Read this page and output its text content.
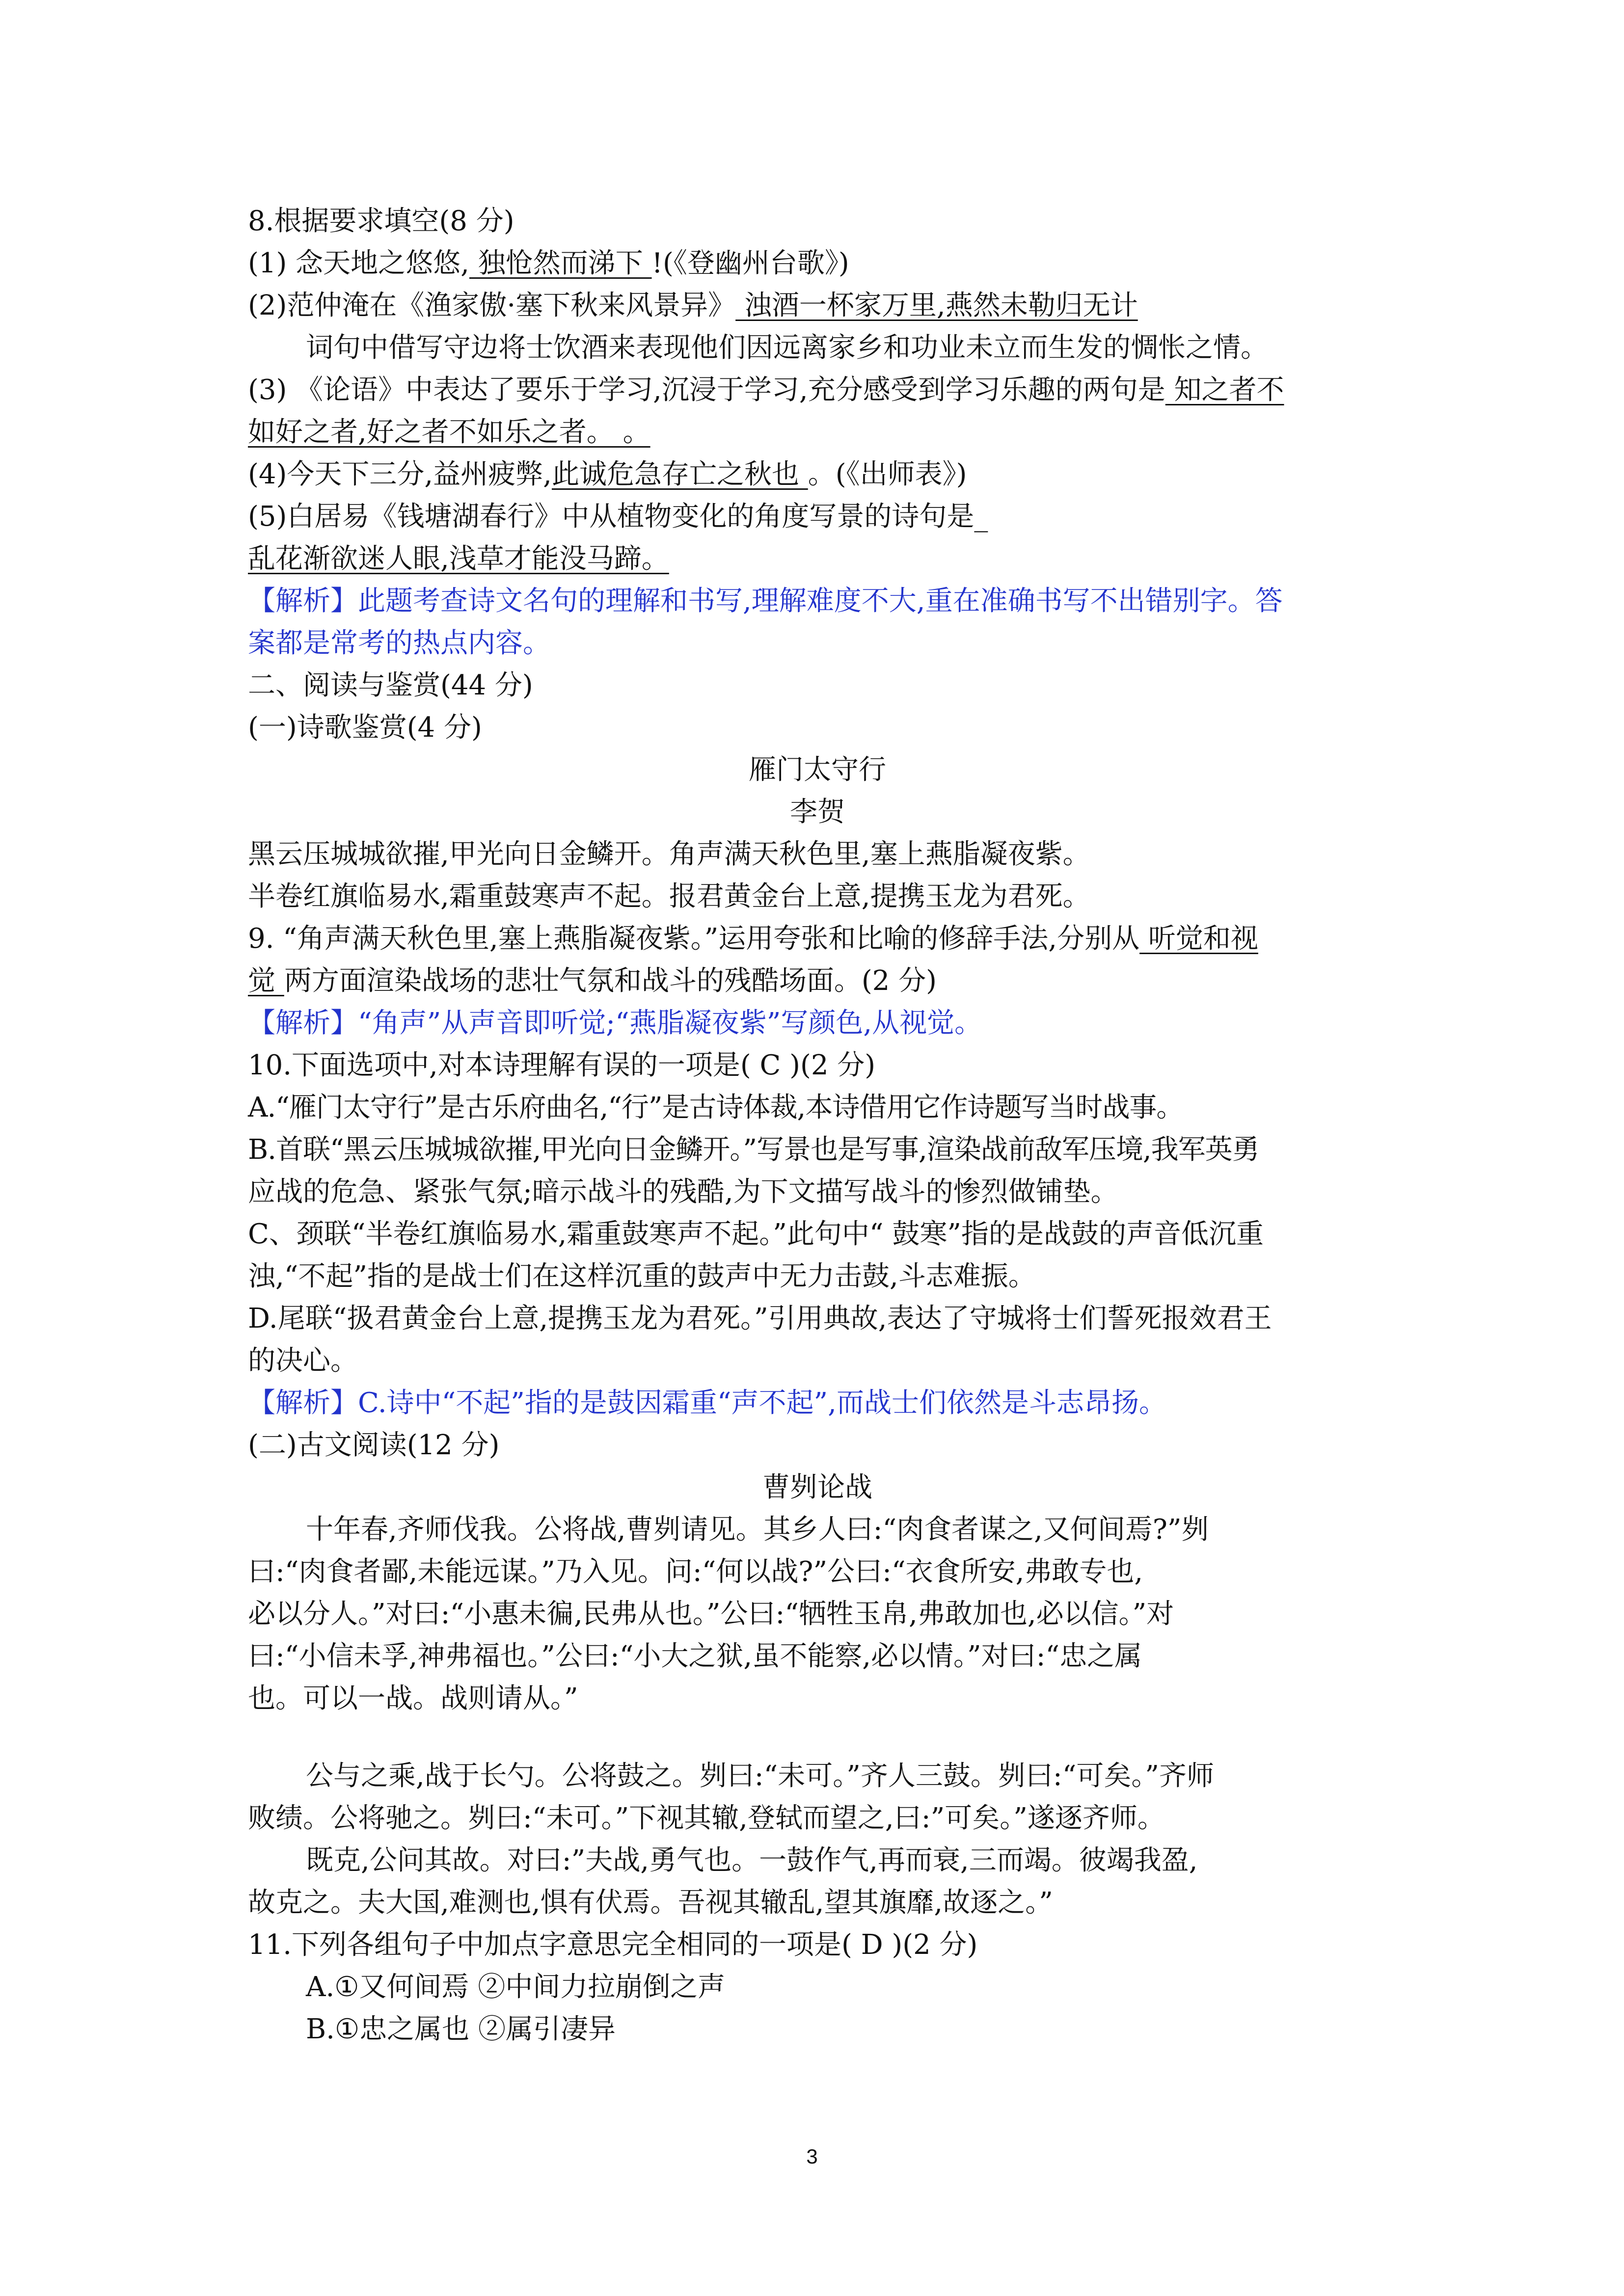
8.根据要求填空(8 分)
(1) 念天地之悠悠, 独怆然而涕下 !(《登幽州台歌》)
(2)范仲淹在《渔家傲·塞下秋来风景异》 浊酒一杯家万里,燕然未勒归无计
词句中借写守边将士饮酒来表现他们因远离家乡和功业未立而生发的惆怅之情。
(3) 《论语》中表达了要乐于学习,沉浸于学习,充分感受到学习乐趣的两句是 知之者不
如好之者,好之者不如乐之者。 。
(4)今天下三分,益州疲弊,此诚危急存亡之秋也 。(《出师表》)
(5)白居易《钱塘湖春行》中从植物变化的角度写景的诗句是_
乱花渐欲迷人眼,浅草才能没马蹄。
【解析】此题考查诗文名句的理解和书写,理解难度不大,重在准确书写不出错别字。答
案都是常考的热点内容。
二、阅读与鉴赏(44 分)
(一)诗歌鉴赏(4 分)
雁门太守行
李贺
黑云压城城欲摧,甲光向日金鳞开。角声满天秋色里,塞上燕脂凝夜紫。
半卷红旗临易水,霜重鼓寒声不起。报君黄金台上意,提携玉龙为君死。
9. “角声满天秋色里,塞上燕脂凝夜紫。”运用夸张和比喻的修辞手法,分别从 听觉和视
觉 两方面渲染战场的悲壮气氛和战斗的残酷场面。(2 分)
【解析】“角声”从声音即听觉;“燕脂凝夜紫”写颜色,从视觉。
10.下面选项中,对本诗理解有误的一项是( C )(2 分)
A.“雁门太守行”是古乐府曲名,“行”是古诗体裁,本诗借用它作诗题写当时战事。
B.首联“黑云压城城欲摧,甲光向日金鳞开。”写景也是写事,渲染战前敌军压境,我军英勇
应战的危急、紧张气氛;暗示战斗的残酷,为下文描写战斗的惨烈做铺垫。
C、颈联“半卷红旗临易水,霜重鼓寒声不起。”此句中“ 鼓寒”指的是战鼓的声音低沉重
浊,“不起”指的是战士们在这样沉重的鼓声中无力击鼓,斗志难振。
D.尾联“扱君黄金台上意,提携玉龙为君死。”引用典故,表达了守城将士们誓死报效君王
的决心。
【解析】C.诗中“不起”指的是鼓因霜重“声不起”,而战士们依然是斗志昂扬。
(二)古文阅读(12 分)
曹刿论战
十年春,齐师伐我。公将战,曹刿请见。其乡人曰:“肉食者谋之,又何间焉?”刿
曰:“肉食者鄙,未能远谋。”乃入见。问:“何以战?”公曰:“衣食所安,弗敢专也,
必以分人。”对曰:“小惠未徧,民弗从也。”公曰:“牺牲玉帛,弗敢加也,必以信。”对
曰:“小信未孚,神弗福也。”公曰:“小大之狱,虽不能察,必以情。”对曰:“忠之属
也。可以一战。战则请从。”
公与之乘,战于长勺。公将鼓之。刿曰:“未可。”齐人三鼓。刿曰:“可矣。”齐师
败绩。公将驰之。刿曰:“未可。”下视其辙,登轼而望之,曰:”可矣。”遂逐齐师。
既克,公问其故。对曰:”夫战,勇气也。一鼓作气,再而衰,三而竭。彼竭我盈,
故克之。夫大国,难测也,惧有伏焉。吾视其辙乱,望其旗靡,故逐之。”
11.下列各组句子中加点字意思完全相同的一项是( D )(2 分)
A.①又何间焉 ②中间力拉崩倒之声
B.①忠之属也 ②属引凄异
3
